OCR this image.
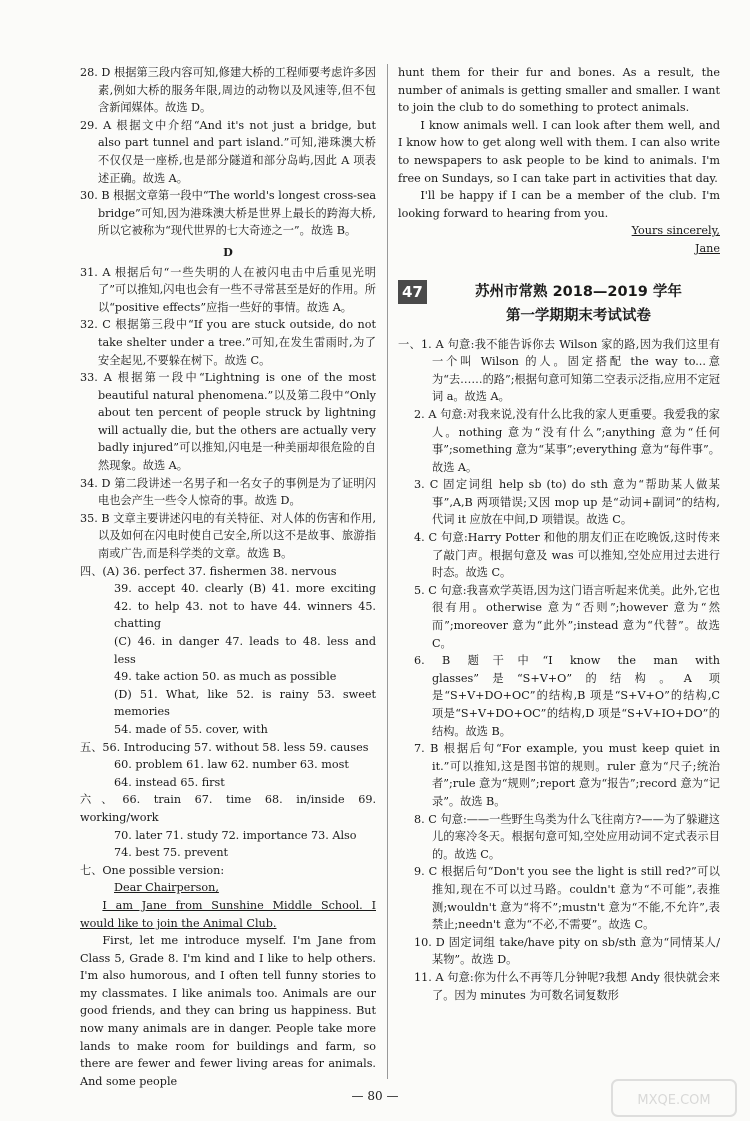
28. D 根据第三段内容可知,修建大桥的工程师要考虑许多因素,例如大桥的服务年限,周边的动物以及风速等,但不包含新闻媒体。故选 D。

29. A 根据文中介绍“And it's not just a bridge, but also part tunnel and part island.”可知,港珠澳大桥不仅仅是一座桥,也是部分隧道和部分岛屿,因此 A 项表述正确。故选 A。

30. B 根据文章第一段中“The world's longest cross-sea bridge”可知,因为港珠澳大桥是世界上最长的跨海大桥,所以它被称为“现代世界的七大奇迹之一”。故选 B。

D

31. A 根据后句“一些失明的人在被闪电击中后重见光明了”可以推知,闪电也会有一些不寻常甚至是好的作用。所以“positive effects”应指一些好的事情。故选 A。

32. C 根据第三段中“If you are stuck outside, do not take shelter under a tree.”可知,在发生雷雨时,为了安全起见,不要躲在树下。故选 C。

33. A 根据第一段中“Lightning is one of the most beautiful natural phenomena.”以及第二段中“Only about ten percent of people struck by lightning will actually die, but the others are actually very badly injured”可以推知,闪电是一种美丽却很危险的自然现象。故选 A。

34. D 第二段讲述一名男子和一名女子的事例是为了证明闪电也会产生一些令人惊奇的事。故选 D。

35. B 文章主要讲述闪电的有关特征、对人体的伤害和作用,以及如何在闪电时使自己安全,所以这不是故事、旅游指南或广告,而是科学类的文章。故选 B。

四、(A) 36. perfect 37. fishermen 38. nervous

39. accept 40. clearly (B) 41. more exciting 42. to help 43. not to have 44. winners 45. chatting

(C) 46. in danger 47. leads to 48. less and less

49. take action 50. as much as possible

(D) 51. What, like 52. is rainy 53. sweet memories

54. made of 55. cover, with

五、56. Introducing 57. without 58. less 59. causes

60. problem 61. law 62. number 63. most

64. instead 65. first

六、66. train 67. time 68. in/inside 69. working/work

70. later 71. study 72. importance 73. Also

74. best 75. prevent

七、One possible version:

Dear Chairperson,

I am Jane from Sunshine Middle School. I would like to join the Animal Club.

First, let me introduce myself. I'm Jane from Class 5, Grade 8. I'm kind and I like to help others. I'm also humorous, and I often tell funny stories to my classmates. I like animals too. Animals are our good friends, and they can bring us happiness. But now many animals are in danger. People take more lands to make room for buildings and farm, so there are fewer and fewer living areas for animals. And some people

hunt them for their fur and bones. As a result, the number of animals is getting smaller and smaller. I want to join the club to do something to protect animals.

I know animals well. I can look after them well, and I know how to get along well with them. I can also write to newspapers to ask people to be kind to animals. I'm free on Sundays, so I can take part in activities that day.

I'll be happy if I can be a member of the club. I'm looking forward to hearing from you.

Yours sincerely,

Jane

47	苏州市常熟 2018—2019 学年
第一学期期末考试试卷

一、1. A 句意:我不能告诉你去 Wilson 家的路,因为我们这里有一个叫 Wilson 的人。固定搭配 the way to...意为“去……的路”;根据句意可知第二空表示泛指,应用不定冠词 a。故选 A。

2. A 句意:对我来说,没有什么比我的家人更重要。我爱我的家人。nothing 意为“没有什么”;anything 意为“任何事”;something 意为“某事”;everything 意为“每件事”。故选 A。

3. C 固定词组 help sb (to) do sth 意为“帮助某人做某事”,A,B 两项错误;又因 mop up 是“动词+副词”的结构,代词 it 应放在中间,D 项错误。故选 C。

4. C 句意:Harry Potter 和他的朋友们正在吃晚饭,这时传来了敲门声。根据句意及 was 可以推知,空处应用过去进行时态。故选 C。

5. C 句意:我喜欢学英语,因为这门语言听起来优美。此外,它也很有用。otherwise 意为“否则”;however 意为“然而”;moreover 意为“此外”;instead 意为“代替”。故选 C。

6. B 题干中“I know the man with glasses”是“S+V+O”的结构。A 项是“S+V+DO+OC”的结构,B 项是“S+V+O”的结构,C 项是“S+V+DO+OC”的结构,D 项是“S+V+IO+DO”的结构。故选 B。

7. B 根据后句“For example, you must keep quiet in it.”可以推知,这是图书馆的规则。ruler 意为“尺子;统治者”;rule 意为“规则”;report 意为“报告”;record 意为“记录”。故选 B。

8. C 句意:——一些野生鸟类为什么飞往南方?——为了躲避这儿的寒冷冬天。根据句意可知,空处应用动词不定式表示目的。故选 C。

9. C 根据后句“Don't you see the light is still red?”可以推知,现在不可以过马路。couldn't 意为“不可能”,表推测;wouldn't 意为“将不”;mustn't 意为“不能,不允许”,表禁止;needn't 意为“不必,不需要”。故选 C。

10. D 固定词组 take/have pity on sb/sth 意为“同情某人/某物”。故选 D。

11. A 句意:你为什么不再等几分钟呢?我想 Andy 很快就会来了。因为 minutes 为可数名词复数形

— 80 —	MXQE.COM
